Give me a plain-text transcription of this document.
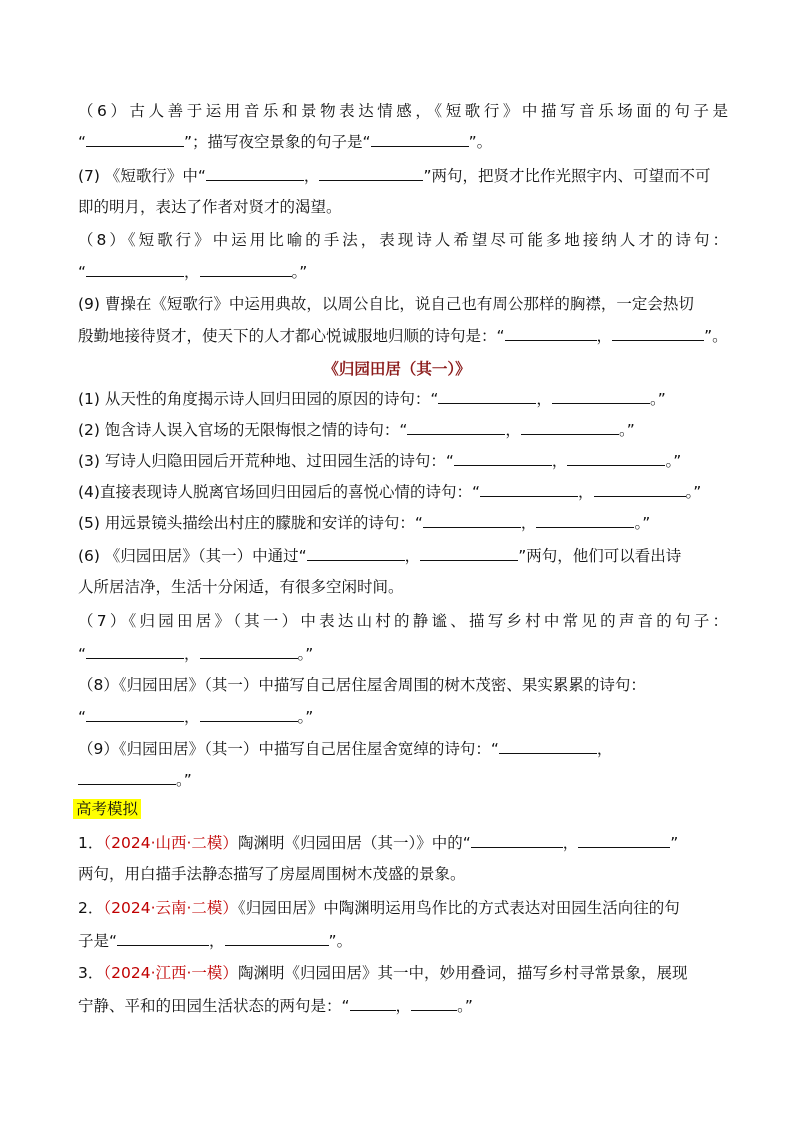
（6）古人善于运用音乐和景物表达情感，《短歌行》中描写音乐场面的句子是
“	”；描写夜空景象的句子是“	”。
(7) 《短歌行》中“	，	”两句，把贤才比作光照宇内、可望而不可
即的明月，表达了作者对贤才的渴望。
（8）《短歌行》中运用比喻的手法，表现诗人希望尽可能多地接纳人才的诗句：
“	，	。”
(9) 曹操在《短歌行》中运用典故，以周公自比，说自己也有周公那样的胸襟，一定会热切
殷勤地接待贤才，使天下的人才都心悦诚服地归顺的诗句是：“	，	”。
《归园田居（其一）》
(1) 从天性的角度揭示诗人回归田园的原因的诗句：“	，	。”
(2) 饱含诗人误入官场的无限悔恨之情的诗句：“	，	。”
(3) 写诗人归隐田园后开荒种地、过田园生活的诗句：“	，	。”
(4)直接表现诗人脱离官场回归田园后的喜悦心情的诗句：“	，	。”
(5) 用远景镜头描绘出村庄的朦胧和安详的诗句：“	，	。”
(6) 《归园田居》（其一）中通过“	，	”两句，他们可以看出诗
人所居洁净，生活十分闲适，有很多空闲时间。
（7）《归园田居》（其一）中表达山村的静谧、描写乡村中常见的声音的句子：
“	，	。”
（8）《归园田居》（其一）中描写自己居住屋舍周围的树木茂密、果实累累的诗句：
“	，	。”
（9）《归园田居》（其一）中描写自己居住屋舍宽绰的诗句：“	，
。”
高考模拟
1．（2024·山西·二模）陶渊明《归园田居（其一）》中的“	，	”
两句，用白描手法静态描写了房屋周围树木茂盛的景象。
2．（2024·云南·二模）《归园田居》中陶渊明运用鸟作比的方式表达对田园生活向往的句
子是“	，	”。
3．（2024·江西·一模）陶渊明《归园田居》其一中，妙用叠词，描写乡村寻常景象，展现
宁静、平和的田园生活状态的两句是：“	，	。”
